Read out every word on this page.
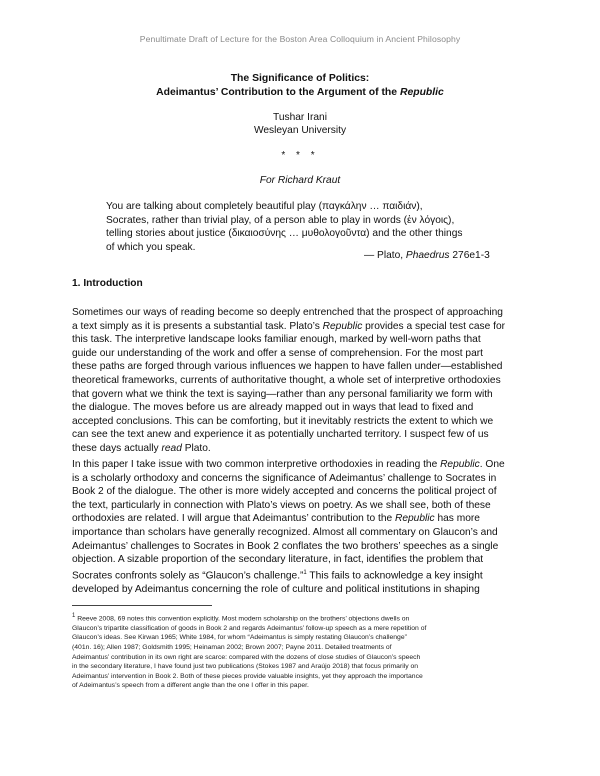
Penultimate Draft of Lecture for the Boston Area Colloquium in Ancient Philosophy
The Significance of Politics:
Adeimantus’ Contribution to the Argument of the Republic
Tushar Irani
Wesleyan University
* * *
For Richard Kraut
You are talking about completely beautiful play (παγκάλην … παιδιάν),
Socrates, rather than trivial play, of a person able to play in words (ἐν λόγοις),
telling stories about justice (δικαιοσύνης … μυθολογοῦντα) and the other things
of which you speak.
— Plato, Phaedrus 276e1-3
1. Introduction
Sometimes our ways of reading become so deeply entrenched that the prospect of approaching
a text simply as it is presents a substantial task. Plato’s Republic provides a special test case for
this task. The interpretive landscape looks familiar enough, marked by well-worn paths that
guide our understanding of the work and offer a sense of comprehension. For the most part
these paths are forged through various influences we happen to have fallen under—established
theoretical frameworks, currents of authoritative thought, a whole set of interpretive orthodoxies
that govern what we think the text is saying—rather than any personal familiarity we form with
the dialogue. The moves before us are already mapped out in ways that lead to fixed and
accepted conclusions. This can be comforting, but it inevitably restricts the extent to which we
can see the text anew and experience it as potentially uncharted territory. I suspect few of us
these days actually read Plato.
In this paper I take issue with two common interpretive orthodoxies in reading the Republic. One
is a scholarly orthodoxy and concerns the significance of Adeimantus’ challenge to Socrates in
Book 2 of the dialogue. The other is more widely accepted and concerns the political project of
the text, particularly in connection with Plato’s views on poetry. As we shall see, both of these
orthodoxies are related. I will argue that Adeimantus’ contribution to the Republic has more
importance than scholars have generally recognized. Almost all commentary on Glaucon’s and
Adeimantus’ challenges to Socrates in Book 2 conflates the two brothers’ speeches as a single
objection. A sizable proportion of the secondary literature, in fact, identifies the problem that
Socrates confronts solely as “Glaucon’s challenge.”$^1$ This fails to acknowledge a key insight
developed by Adeimantus concerning the role of culture and political institutions in shaping
$^1$ Reeve 2008, 69 notes this convention explicitly. Most modern scholarship on the brothers’ objections dwells on
Glaucon’s tripartite classification of goods in Book 2 and regards Adeimantus’ follow-up speech as a mere repetition of
Glaucon’s ideas. See Kirwan 1965; White 1984, for whom “Adeimantus is simply restating Glaucon’s challenge”
(401n. 16); Allen 1987; Goldsmith 1995; Heinaman 2002; Brown 2007; Payne 2011. Detailed treatments of
Adeimantus’ contribution in its own right are scarce: compared with the dozens of close studies of Glaucon’s speech
in the secondary literature, I have found just two publications (Stokes 1987 and Araújo 2018) that focus primarily on
Adeimantus’ intervention in Book 2. Both of these pieces provide valuable insights, yet they approach the importance
of Adeimantus’s speech from a different angle than the one I offer in this paper.
